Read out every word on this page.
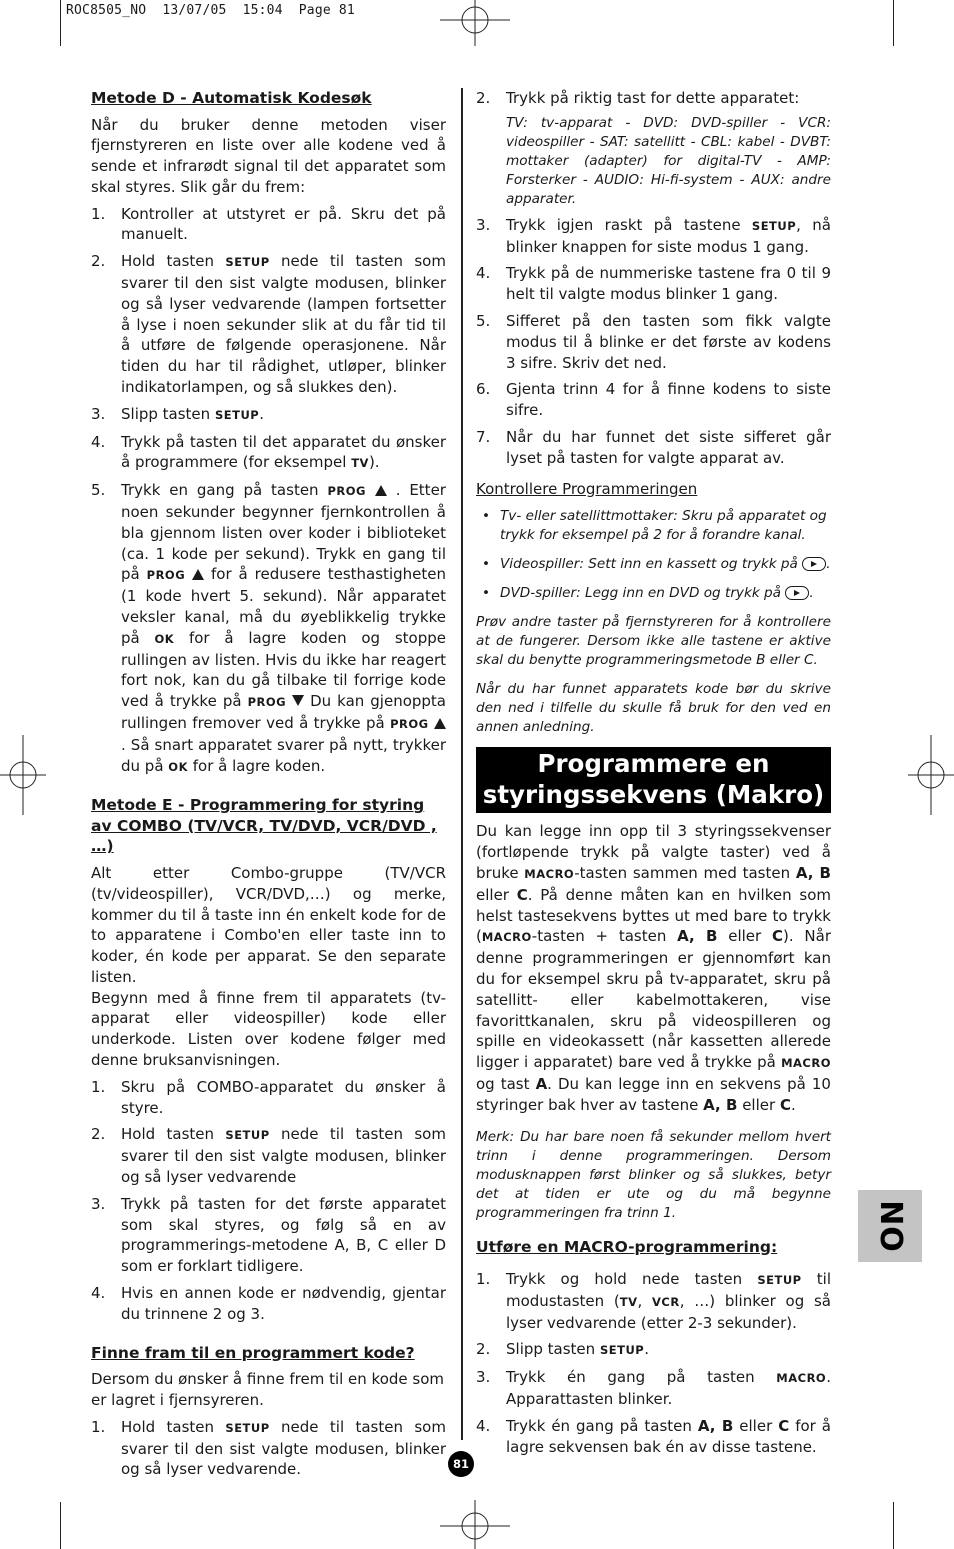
ROC8505_NO  13/07/05  15:04  Page 81
Metode D - Automatisk Kodesøk

Når du bruker denne metoden viser fjernstyreren en liste over alle kodene ved å sende et infrarødt signal til det apparatet som skal styres. Slik går du frem:

1. Kontroller at utstyret er på. Skru det på manuelt.
2. Hold tasten SETUP nede til tasten som svarer til den sist valgte modusen, blinker og så lyser vedvarende (lampen fortsetter å lyse i noen sekunder slik at du får tid til å utføre de følgende operasjonene. Når tiden du har til rådighet, utløper, blinker indikatorlampen, og så slukkes den).
3. Slipp tasten SETUP.
4. Trykk på tasten til det apparatet du ønsker å programmere (for eksempel TV).
5. Trykk en gang på tasten PROG . Etter noen sekunder begynner fjernkontrollen å bla gjennom listen over koder i biblioteket (ca. 1 kode per sekund). Trykk en gang til på PROG for å redusere testhastigheten (1 kode hvert 5. sekund). Når apparatet veksler kanal, må du øyeblikkelig trykke på OK for å lagre koden og stoppe rullingen av listen. Hvis du ikke har reagert fort nok, kan du gå tilbake til forrige kode ved å trykke på PROG Du kan gjenoppta rullingen fremover ved å trykke på PROG  . Så snart apparatet svarer på nytt, trykker du på OK for å lagre koden.
Metode E - Programmering for styring av COMBO (TV/VCR, TV/DVD, VCR/DVD , …)

Alt etter Combo-gruppe (TV/VCR (tv/videospiller), VCR/DVD,…) og merke, kommer du til å taste inn én enkelt kode for de to apparatene i Combo'en eller taste inn to koder, én kode per apparat. Se den separate listen.

Begynn med å finne frem til apparatets (tv-apparat eller videospiller) kode eller underkode. Listen over kodene følger med denne bruksanvisningen.

1. Skru på COMBO-apparatet du ønsker å styre.
2. Hold tasten SETUP nede til tasten som svarer til den sist valgte modusen, blinker og så lyser vedvarende
3. Trykk på tasten for det første apparatet som skal styres, og følg så en av programmerings-metodene A, B, C eller D som er forklart tidligere.
4. Hvis en annen kode er nødvendig, gjentar du trinnene 2 og 3.
Finne fram til en programmert kode?

Dersom du ønsker å finne frem til en kode som er lagret i fjernsyreren.

1. Hold tasten SETUP nede til tasten som svarer til den sist valgte modusen, blinker og så lyser vedvarende.
2. Trykk på riktig tast for dette apparatet:
TV: tv-apparat - DVD: DVD-spiller - VCR: videospiller - SAT: satellitt - CBL: kabel - DVBT: mottaker (adapter) for digital-TV - AMP: Forsterker - AUDIO: Hi-fi-system - AUX: andre apparater.
3. Trykk igjen raskt på tastene SETUP, nå blinker knappen for siste modus 1 gang.
4. Trykk på de nummeriske tastene fra 0 til 9 helt til valgte modus blinker 1 gang.
5. Sifferet på den tasten som fikk valgte modus til å blinke er det første av kodens 3 sifre. Skriv det ned.
6. Gjenta trinn 4 for å finne kodens to siste sifre.
7. Når du har funnet det siste sifferet går lyset på tasten for valgte apparat av.
Kontrollere Programmeringen
• Tv- eller satellittmottaker: Skru på apparatet og trykk for eksempel på 2 for å forandre kanal.
• Videospiller: Sett inn en kassett og trykk på .
• DVD-spiller: Legg inn en DVD og trykk på .

Prøv andre taster på fjernstyreren for å kontrollere at de fungerer. Dersom ikke alle tastene er aktive skal du benytte programmeringsmetode B eller C.

Når du har funnet apparatets kode bør du skrive den ned i tilfelle du skulle få bruk for den ved en annen anledning.

Programmere en
styringssekvens (Makro)

Du kan legge inn opp til 3 styringssekvenser (fortløpende trykk på valgte taster) ved å bruke MACRO-tasten sammen med tasten A, B eller C. På denne måten kan en hvilken som helst tastesekvens byttes ut med bare to trykk (MACRO-tasten + tasten A, B eller C). Når denne programmeringen er gjennomført kan du for eksempel skru på tv-apparatet, skru på satellitt- eller kabelmottakeren, vise favorittkanalen, skru på videospilleren og spille en videokassett (når kassetten allerede ligger i apparatet) bare ved å trykke på MACRO og tast A. Du kan legge inn en sekvens på 10 styringer bak hver av tastene A, B eller C.

Merk: Du har bare noen få sekunder mellom hvert trinn i denne programmeringen. Dersom modusknappen først blinker og så slukkes, betyr det at tiden er ute og du må begynne programmeringen fra trinn 1.

Utføre en MACRO-programmering:
1. Trykk og hold nede tasten SETUP til modustasten (TV, VCR, …) blinker og så lyser vedvarende (etter 2-3 sekunder).
2. Slipp tasten SETUP.
3. Trykk én gang på tasten MACRO. Apparattasten blinker.
4. Trykk én gang på tasten A, B eller C for å lagre sekvensen bak én av disse tastene.
NO
81
